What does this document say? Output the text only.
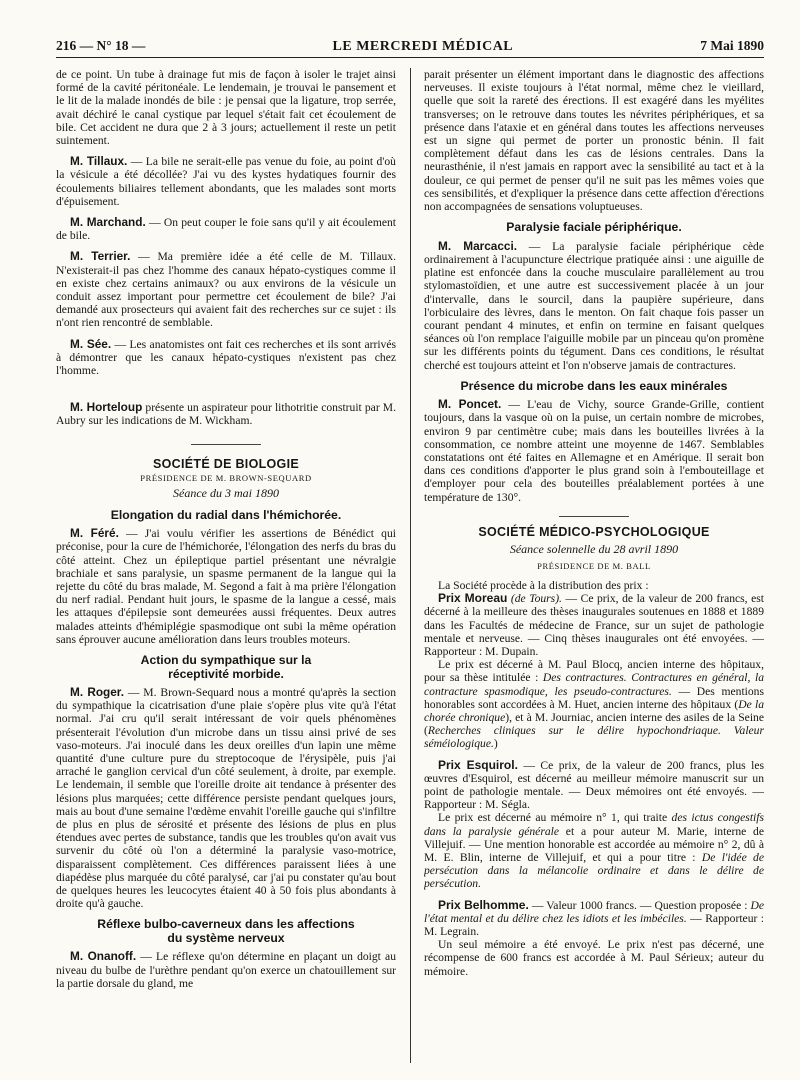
216 — N° 18 —	LE MERCREDI MÉDICAL	7 Mai 1890

de ce point. Un tube à drainage fut mis de façon à isoler le trajet ainsi formé de la cavité péritonéale. Le lendemain, je trouvai le pansement et le lit de la malade inondés de bile : je pensai que la ligature, trop serrée, avait déchiré le canal cystique par lequel s'était fait cet écoulement de bile. Cet accident ne dura que 2 à 3 jours; actuellement il reste un petit suintement.

M. Tillaux. — La bile ne serait-elle pas venue du foie, au point d'où la vésicule a été décollée? J'ai vu des kystes hydatiques fournir des écoulements biliaires tellement abondants, que les malades sont morts d'épuisement.

M. Marchand. — On peut couper le foie sans qu'il y ait écoulement de bile.

M. Terrier. — Ma première idée a été celle de M. Tillaux. N'existerait-il pas chez l'homme des canaux hépato-cystiques comme il en existe chez certains animaux? ou aux environs de la vésicule un conduit assez important pour permettre cet écoulement de bile? J'ai demandé aux prosecteurs qui avaient fait des recherches sur ce sujet : ils n'ont rien rencontré de semblable.

M. Sée. — Les anatomistes ont fait ces recherches et ils sont arrivés à démontrer que les canaux hépato-cystiques n'existent pas chez l'homme.

M. Horteloup présente un aspirateur pour lithotritie construit par M. Aubry sur les indications de M. Wickham.

SOCIÉTÉ DE BIOLOGIE
PRÉSIDENCE DE M. BROWN-SEQUARD
Séance du 3 mai 1890
Elongation du radial dans l'hémichorée.

M. Féré. — J'ai voulu vérifier les assertions de Bénédict qui préconise, pour la cure de l'hémichorée, l'élongation des nerfs du bras du côté atteint. Chez un épileptique partiel présentant une névralgie brachiale et sans paralysie, un spasme permanent de la langue qui la rejette du côté du bras malade, M. Segond a fait à ma prière l'élongation du nerf radial. Pendant huit jours, le spasme de la langue a cessé, mais les attaques d'épilepsie sont demeurées aussi fréquentes. Deux autres malades atteints d'hémiplégie spasmodique ont subi la même opération sans éprouver aucune amélioration dans leurs troubles moteurs.

Action du sympathique sur la
réceptivité morbide.

M. Roger. — M. Brown-Sequard nous a montré qu'après la section du sympathique la cicatrisation d'une plaie s'opère plus vite qu'à l'état normal. J'ai cru qu'il serait intéressant de voir quels phénomènes présenterait l'évolution d'un microbe dans un tissu ainsi privé de ses vaso-moteurs. J'ai inoculé dans les deux oreilles d'un lapin une même quantité d'une culture pure du streptocoque de l'érysipèle, puis j'ai arraché le ganglion cervical d'un côté seulement, à droite, par exemple. Le lendemain, il semble que l'oreille droite ait tendance à présenter des lésions plus marquées; cette différence persiste pendant quelques jours, mais au bout d'une semaine l'œdème envahit l'oreille gauche qui s'infiltre de plus en plus de sérosité et présente des lésions de plus en plus étendues avec pertes de substance, tandis que les troubles qu'on avait vus survenir du côté où l'on a déterminé la paralysie vaso-motrice, disparaissent complètement. Ces différences paraissent liées à une diapédèse plus marquée du côté paralysé, car j'ai pu constater qu'au bout de quelques heures les leucocytes étaient 40 à 50 fois plus abondants à droite qu'à gauche.

Réflexe bulbo-caverneux dans les affections
du système nerveux

M. Onanoff. — Le réflexe qu'on détermine en plaçant un doigt au niveau du bulbe de l'urèthre pendant qu'on exerce un chatouillement sur la partie dorsale du gland, me

parait présenter un élément important dans le diagnostic des affections nerveuses. Il existe toujours à l'état normal, même chez le vieillard, quelle que soit la rareté des érections. Il est exagéré dans les myélites transverses; on le retrouve dans toutes les névrites périphériques, et sa présence dans l'ataxie et en général dans toutes les affections nerveuses est un signe qui permet de porter un pronostic bénin. Il fait complètement défaut dans les cas de lésions centrales. Dans la neurasthénie, il n'est jamais en rapport avec la sensibilité au tact et à la douleur, ce qui permet de penser qu'il ne suit pas les mêmes voies que ces sensibilités, et d'expliquer la présence dans cette affection d'érections non accompagnées de sensations voluptueuses.

Paralysie faciale périphérique.

M. Marcacci. — La paralysie faciale périphérique cède ordinairement à l'acupuncture électrique pratiquée ainsi : une aiguille de platine est enfoncée dans la couche musculaire parallèlement au trou stylomastoïdien, et une autre est successivement placée à un jour d'intervalle, dans le sourcil, dans la paupière supérieure, dans l'orbiculaire des lèvres, dans le menton. On fait chaque fois passer un courant pendant 4 minutes, et enfin on termine en faisant quelques séances où l'on remplace l'aiguille mobile par un pinceau qu'on promène sur les différents points du tégument. Dans ces conditions, le résultat cherché est toujours atteint et l'on n'observe jamais de contractures.

Présence du microbe dans les eaux minérales

M. Poncet. — L'eau de Vichy, source Grande-Grille, contient toujours, dans la vasque où on la puise, un certain nombre de microbes, environ 9 par centimètre cube; mais dans les bouteilles livrées à la consommation, ce nombre atteint une moyenne de 1467. Semblables constatations ont été faites en Allemagne et en Amérique. Il serait bon dans ces conditions d'apporter le plus grand soin à l'embouteillage et d'employer pour cela des bouteilles préalablement portées à une température de 130°.

SOCIÉTÉ MÉDICO-PSYCHOLOGIQUE
Séance solennelle du 28 avril 1890
PRÉSIDENCE DE M. BALL

La Société procède à la distribution des prix :

Prix Moreau (de Tours). — Ce prix, de la valeur de 200 francs, est décerné à la meilleure des thèses inaugurales soutenues en 1888 et 1889 dans les Facultés de médecine de France, sur un sujet de pathologie mentale et nerveuse. — Cinq thèses inaugurales ont été envoyées. — Rapporteur : M. Dupain.

Le prix est décerné à M. Paul Blocq, ancien interne des hôpitaux, pour sa thèse intitulée : Des contractures. Contractures en général, la contracture spasmodique, les pseudo-contractures. — Des mentions honorables sont accordées à M. Huet, ancien interne des hôpitaux (De la chorée chronique), et à M. Journiac, ancien interne des asiles de la Seine (Recherches cliniques sur le délire hypochondriaque. Valeur séméiologique.)

Prix Esquirol. — Ce prix, de la valeur de 200 francs, plus les œuvres d'Esquirol, est décerné au meilleur mémoire manuscrit sur un point de pathologie mentale. — Deux mémoires ont été envoyés. — Rapporteur : M. Ségla.

Le prix est décerné au mémoire n° 1, qui traite des ictus congestifs dans la paralysie générale et a pour auteur M. Marie, interne de Villejuif. — Une mention honorable est accordée au mémoire n° 2, dû à M. E. Blin, interne de Villejuif, et qui a pour titre : De l'idée de persécution dans la mélancolie ordinaire et dans le délire de persécution.

Prix Belhomme. — Valeur 1000 francs. — Question proposée : De l'état mental et du délire chez les idiots et les imbéciles. — Rapporteur : M. Legrain.

Un seul mémoire a été envoyé. Le prix n'est pas décerné, une récompense de 600 francs est accordée à M. Paul Sérieux; auteur du mémoire.
